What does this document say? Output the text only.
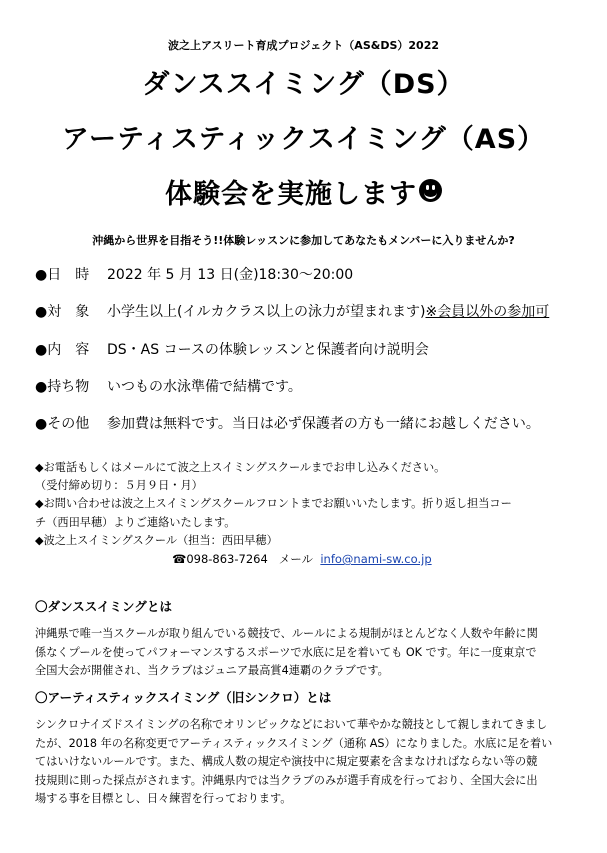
波之上アスリート育成プロジェクト（AS&DS）2022
ダンススイミング（DS）
アーティスティックスイミング（AS）
体験会を実施します
沖縄から世界を目指そう!!体験レッスンに参加してあなたもメンバーに入りませんか?
●日　時 2022 年 5 月 13 日(金)18:30～20:00
●対　象 小学生以上(イルカクラス以上の泳力が望まれます)※会員以外の参加可
●内　容 DS・AS コースの体験レッスンと保護者向け説明会
●持ち物 いつもの水泳準備で結構です。
●その他 参加費は無料です。当日は必ず保護者の方も一緒にお越しください。
◆お電話もしくはメールにて波之上スイミングスクールまでお申し込みください。
（受付締め切り：５月９日・月）
◆お問い合わせは波之上スイミングスクールフロントまでお願いいたします。折り返し担当コー
チ（西田早穂）よりご連絡いたします。
◆波之上スイミングスクール（担当：西田早穂）
☎098-863-7264 メール info@nami-sw.co.jp
〇ダンススイミングとは
沖縄県で唯一当スクールが取り組んでいる競技で、ルールによる規制がほとんどなく人数や年齢に関
係なくプールを使ってパフォーマンスするスポーツで水底に足を着いても OK です。年に一度東京で
全国大会が開催され、当クラブはジュニア最高賞4連覇のクラブです。
〇アーティスティックスイミング（旧シンクロ）とは
シンクロナイズドスイミングの名称でオリンピックなどにおいて華やかな競技として親しまれてきまし
たが、2018 年の名称変更でアーティスティックスイミング（通称 AS）になりました。水底に足を着い
てはいけないルールです。また、構成人数の規定や演技中に規定要素を含まなければならない等の競
技規則に則った採点がされます。沖縄県内では当クラブのみが選手育成を行っており、全国大会に出
場する事を目標とし、日々練習を行っております。
